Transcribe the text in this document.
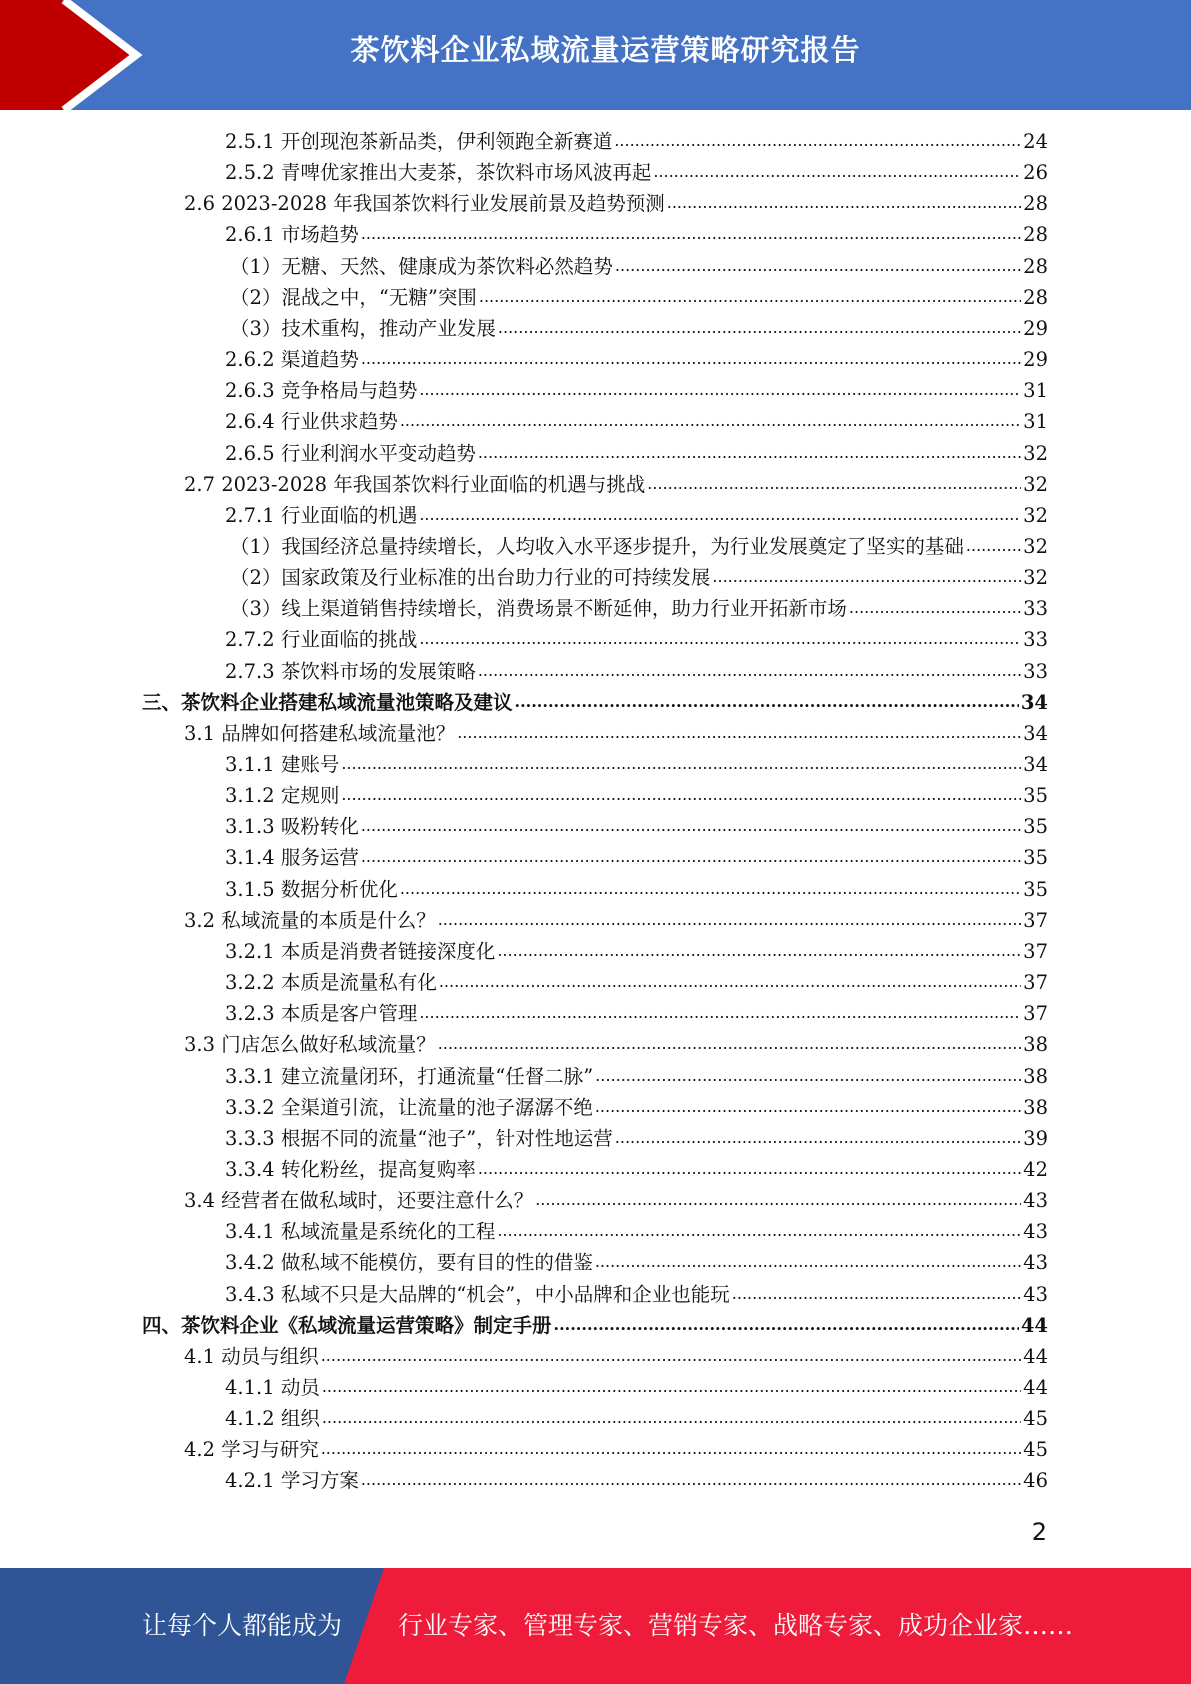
茶饮料企业私域流量运营策略研究报告
2.5.1 开创现泡茶新品类，伊利领跑全新赛道 .....	24
2.5.2 青啤优家推出大麦茶，茶饮料市场风波再起 .....	26
2.6 2023-2028 年我国茶饮料行业发展前景及趋势预测 .....	28
2.6.1 市场趋势 .....	28
（1）无糖、天然、健康成为茶饮料必然趋势 .....	28
（2）混战之中，“无糖”突围 .....	28
（3）技术重构，推动产业发展 .....	29
2.6.2 渠道趋势 .....	29
2.6.3 竞争格局与趋势 .....	31
2.6.4 行业供求趋势 .....	31
2.6.5 行业利润水平变动趋势 .....	32
2.7 2023-2028 年我国茶饮料行业面临的机遇与挑战 .....	32
2.7.1 行业面临的机遇 .....	32
（1）我国经济总量持续增长，人均收入水平逐步提升，为行业发展奠定了坚实的基础 .....	32
（2）国家政策及行业标准的出台助力行业的可持续发展 .....	32
（3）线上渠道销售持续增长，消费场景不断延伸，助力行业开拓新市场 .....	33
2.7.2 行业面临的挑战 .....	33
2.7.3 茶饮料市场的发展策略 .....	33
三、茶饮料企业搭建私域流量池策略及建议 .....	34
3.1 品牌如何搭建私域流量池？ .....	34
3.1.1 建账号 .....	34
3.1.2 定规则 .....	35
3.1.3 吸粉转化 .....	35
3.1.4 服务运营 .....	35
3.1.5 数据分析优化 .....	35
3.2 私域流量的本质是什么？ .....	37
3.2.1 本质是消费者链接深度化 .....	37
3.2.2 本质是流量私有化 .....	37
3.2.3 本质是客户管理 .....	37
3.3 门店怎么做好私域流量？ .....	38
3.3.1 建立流量闭环，打通流量“任督二脉” .....	38
3.3.2 全渠道引流，让流量的池子潺潺不绝 .....	38
3.3.3 根据不同的流量“池子”，针对性地运营 .....	39
3.3.4 转化粉丝，提高复购率 .....	42
3.4 经营者在做私域时，还要注意什么？ .....	43
3.4.1 私域流量是系统化的工程 .....	43
3.4.2 做私域不能模仿，要有目的性的借鉴 .....	43
3.4.3 私域不只是大品牌的“机会”，中小品牌和企业也能玩 .....	43
四、茶饮料企业《私域流量运营策略》制定手册 .....	44
4.1 动员与组织 .....	44
4.1.1 动员 .....	44
4.1.2 组织 .....	45
4.2 学习与研究 .....	45
4.2.1 学习方案 .....	46
2
让每个人都能成为 行业专家、管理专家、营销专家、战略专家、成功企业家……
